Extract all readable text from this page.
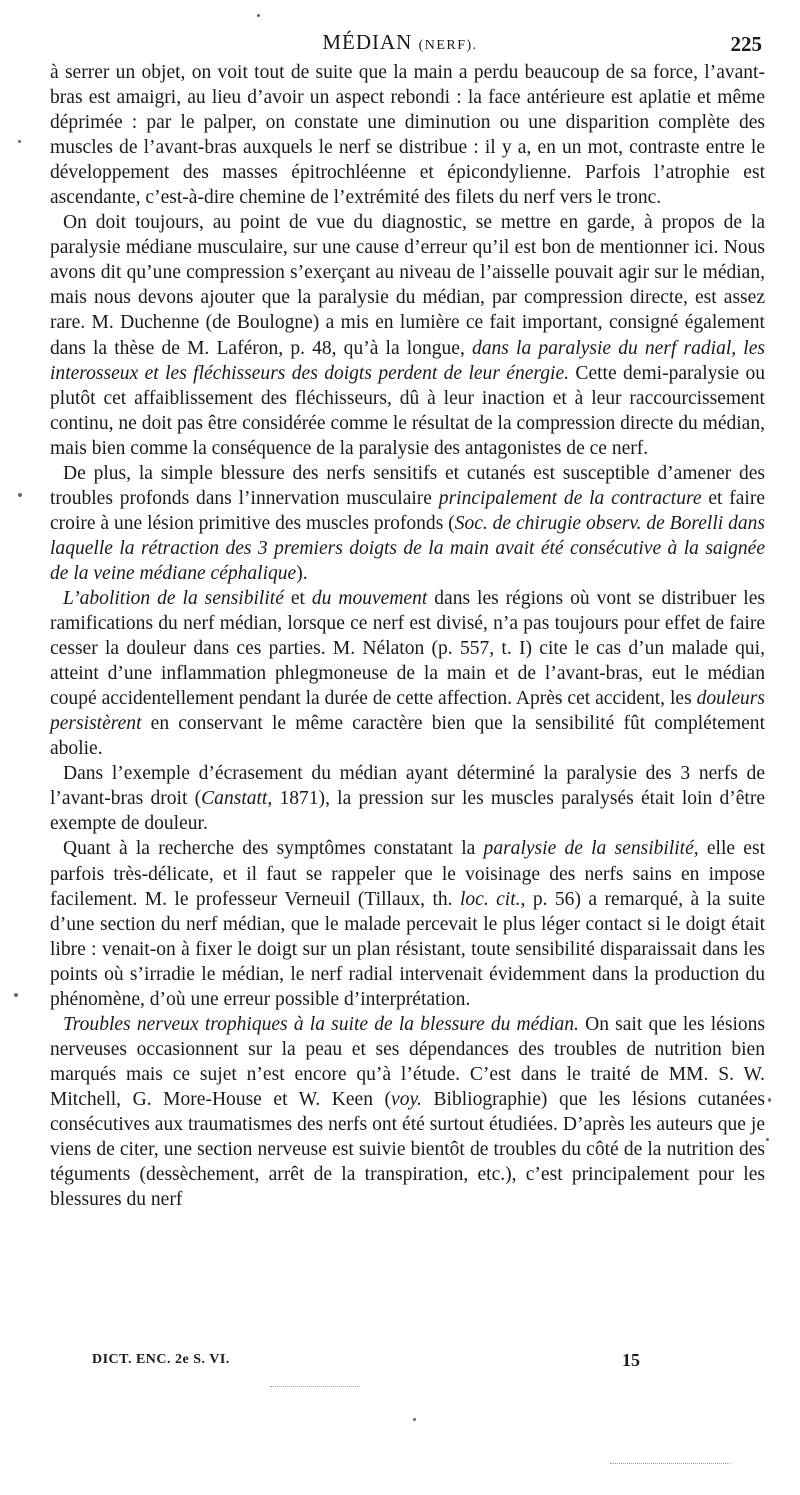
MÉDIAN (NERF).	225

à serrer un objet, on voit tout de suite que la main a perdu beaucoup de sa force, l’avant-bras est amaigri, au lieu d’avoir un aspect rebondi : la face antérieure est aplatie et même déprimée : par le palper, on constate une diminution ou une disparition complète des muscles de l’avant-bras auxquels le nerf se distribue : il y a, en un mot, contraste entre le développement des masses épitrochléenne et épicondylienne. Parfois l’atrophie est ascendante, c’est-à-dire chemine de l’extrémité des filets du nerf vers le tronc.

On doit toujours, au point de vue du diagnostic, se mettre en garde, à propos de la paralysie médiane musculaire, sur une cause d’erreur qu’il est bon de mentionner ici. Nous avons dit qu’une compression s’exerçant au niveau de l’aisselle pouvait agir sur le médian, mais nous devons ajouter que la paralysie du médian, par compression directe, est assez rare. M. Duchenne (de Boulogne) a mis en lumière ce fait important, consigné également dans la thèse de M. Laféron, p. 48, qu’à la longue, dans la paralysie du nerf radial, les interosseux et les fléchisseurs des doigts perdent de leur énergie. Cette demi-paralysie ou plutôt cet affaiblissement des fléchisseurs, dû à leur inaction et à leur raccourcissement continu, ne doit pas être considérée comme le résultat de la compression directe du médian, mais bien comme la conséquence de la paralysie des antagonistes de ce nerf.

De plus, la simple blessure des nerfs sensitifs et cutanés est susceptible d’amener des troubles profonds dans l’innervation musculaire principalement de la contracture et faire croire à une lésion primitive des muscles profonds (Soc. de chirugie observ. de Borelli dans laquelle la rétraction des 3 premiers doigts de la main avait été consécutive à la saignée de la veine médiane céphalique).

L’abolition de la sensibilité et du mouvement dans les régions où vont se distribuer les ramifications du nerf médian, lorsque ce nerf est divisé, n’a pas toujours pour effet de faire cesser la douleur dans ces parties. M. Nélaton (p. 557, t. I) cite le cas d’un malade qui, atteint d’une inflammation phlegmoneuse de la main et de l’avant-bras, eut le médian coupé accidentellement pendant la durée de cette affection. Après cet accident, les douleurs persistèrent en conservant le même caractère bien que la sensibilité fût complétement abolie.

Dans l’exemple d’écrasement du médian ayant déterminé la paralysie des 3 nerfs de l’avant-bras droit (Canstatt, 1871), la pression sur les muscles paralysés était loin d’être exempte de douleur.

Quant à la recherche des symptômes constatant la paralysie de la sensibilité, elle est parfois très-délicate, et il faut se rappeler que le voisinage des nerfs sains en impose facilement. M. le professeur Verneuil (Tillaux, th. loc. cit., p. 56) a remarqué, à la suite d’une section du nerf médian, que le malade percevait le plus léger contact si le doigt était libre : venait-on à fixer le doigt sur un plan résistant, toute sensibilité disparaissait dans les points où s’irradie le médian, le nerf radial intervenait évidemment dans la production du phénomène, d’où une erreur possible d’interprétation.

Troubles nerveux trophiques à la suite de la blessure du médian. On sait que les lésions nerveuses occasionnent sur la peau et ses dépendances des troubles de nutrition bien marqués mais ce sujet n’est encore qu’à l’étude. C’est dans le traité de MM. S. W. Mitchell, G. More-House et W. Keen (voy. Bibliographie) que les lésions cutanées consécutives aux traumatismes des nerfs ont été surtout étudiées. D’après les auteurs que je viens de citer, une section nerveuse est suivie bientôt de troubles du côté de la nutrition des téguments (dessèchement, arrêt de la transpiration, etc.), c’est principalement pour les blessures du nerf

DICT. ENC. 2e S. VI.	15
